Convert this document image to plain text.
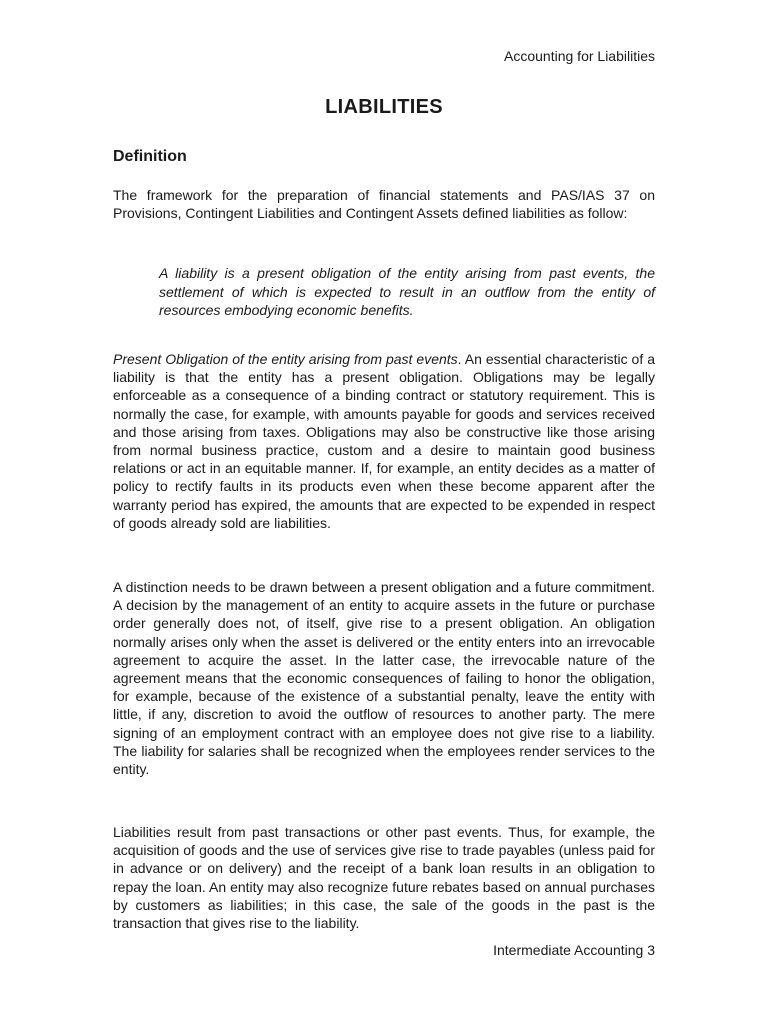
Accounting for Liabilities
LIABILITIES
Definition

The framework for the preparation of financial statements and PAS/IAS 37 on Provisions, Contingent Liabilities and Contingent Assets defined liabilities as follow:

A liability is a present obligation of the entity arising from past events, the settlement of which is expected to result in an outflow from the entity of resources embodying economic benefits.

Present Obligation of the entity arising from past events. An essential characteristic of a liability is that the entity has a present obligation. Obligations may be legally enforceable as a consequence of a binding contract or statutory requirement. This is normally the case, for example, with amounts payable for goods and services received and those arising from taxes. Obligations may also be constructive like those arising from normal business practice, custom and a desire to maintain good business relations or act in an equitable manner. If, for example, an entity decides as a matter of policy to rectify faults in its products even when these become apparent after the warranty period has expired, the amounts that are expected to be expended in respect of goods already sold are liabilities.

A distinction needs to be drawn between a present obligation and a future commitment. A decision by the management of an entity to acquire assets in the future or purchase order generally does not, of itself, give rise to a present obligation. An obligation normally arises only when the asset is delivered or the entity enters into an irrevocable agreement to acquire the asset. In the latter case, the irrevocable nature of the agreement means that the economic consequences of failing to honor the obligation, for example, because of the existence of a substantial penalty, leave the entity with little, if any, discretion to avoid the outflow of resources to another party. The mere signing of an employment contract with an employee does not give rise to a liability. The liability for salaries shall be recognized when the employees render services to the entity.

Liabilities result from past transactions or other past events. Thus, for example, the acquisition of goods and the use of services give rise to trade payables (unless paid for in advance or on delivery) and the receipt of a bank loan results in an obligation to repay the loan. An entity may also recognize future rebates based on annual purchases by customers as liabilities; in this case, the sale of the goods in the past is the transaction that gives rise to the liability.

Intermediate Accounting 3
